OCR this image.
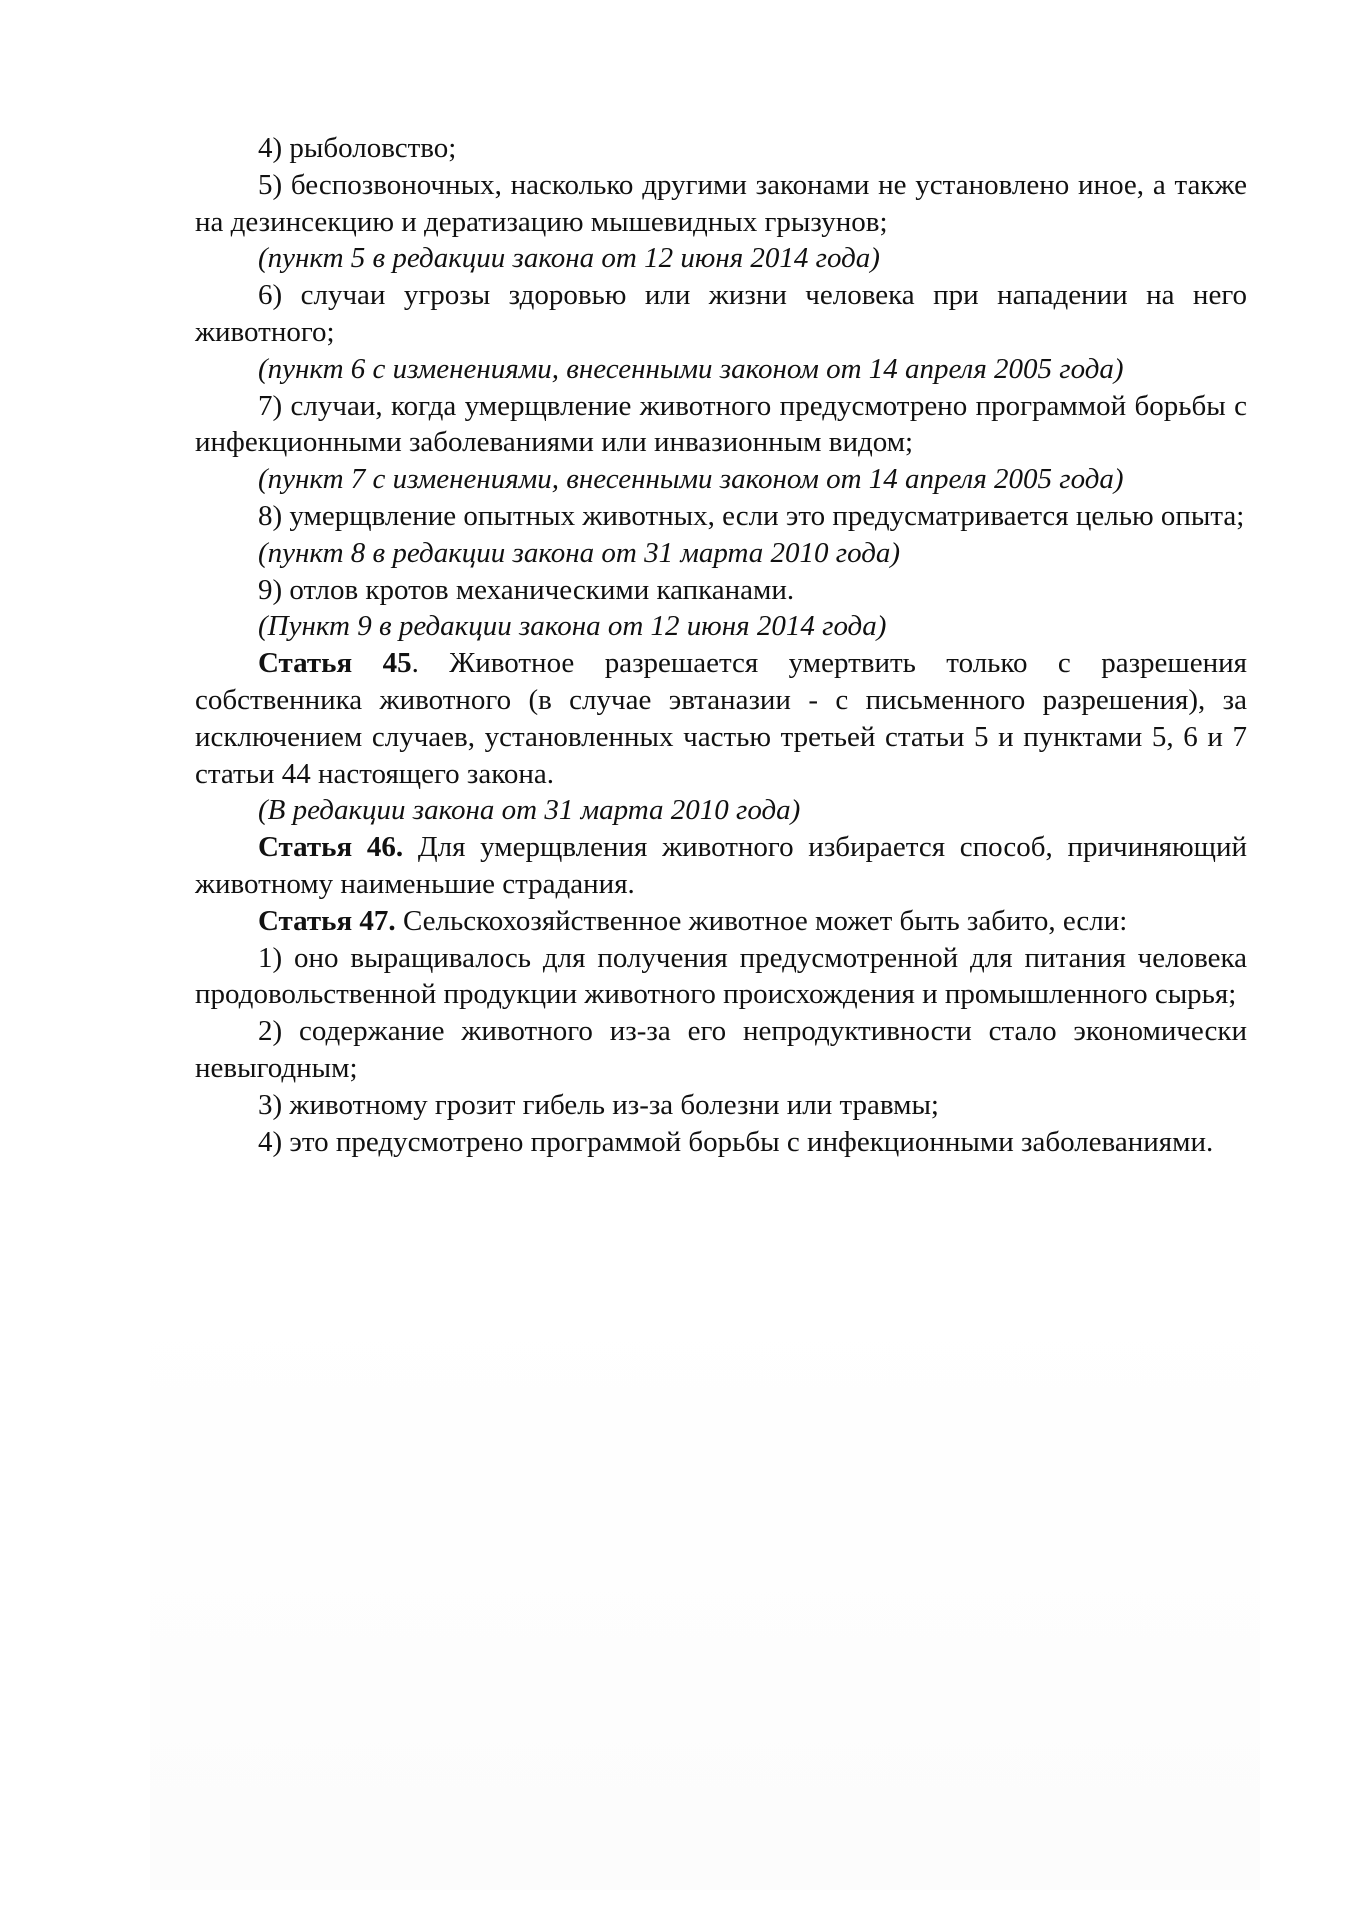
4) рыболовство;

5) беспозвоночных, насколько другими законами не установлено иное, а также на дезинсекцию и дератизацию мышевидных грызунов;

(пункт 5 в редакции закона от 12 июня 2014 года)

6) случаи угрозы здоровью или жизни человека при нападении на него животного;

(пункт 6 с изменениями, внесенными законом от 14 апреля 2005 года)

7) случаи, когда умерщвление животного предусмотрено программой борьбы с инфекционными заболеваниями или инвазионным видом;

(пункт 7 с изменениями, внесенными законом от 14 апреля 2005 года)

8) умерщвление опытных животных, если это предусматривается целью опыта;

(пункт 8 в редакции закона от 31 марта 2010 года)

9) отлов кротов механическими капканами.

(Пункт 9 в редакции закона от 12 июня 2014 года)

Статья 45. Животное разрешается умертвить только с разрешения собственника животного (в случае эвтаназии - с письменного разрешения), за исключением случаев, установленных частью третьей статьи 5 и пунктами 5, 6 и 7 статьи 44 настоящего закона.

(В редакции закона от 31 марта 2010 года)

Статья 46. Для умерщвления животного избирается способ, причиняющий животному наименьшие страдания.

Статья 47. Сельскохозяйственное животное может быть забито, если:

1) оно выращивалось для получения предусмотренной для питания человека продовольственной продукции животного происхождения и промышленного сырья;

2) содержание животного из-за его непродуктивности стало экономически невыгодным;

3) животному грозит гибель из-за болезни или травмы;

4) это предусмотрено программой борьбы с инфекционными заболеваниями.
